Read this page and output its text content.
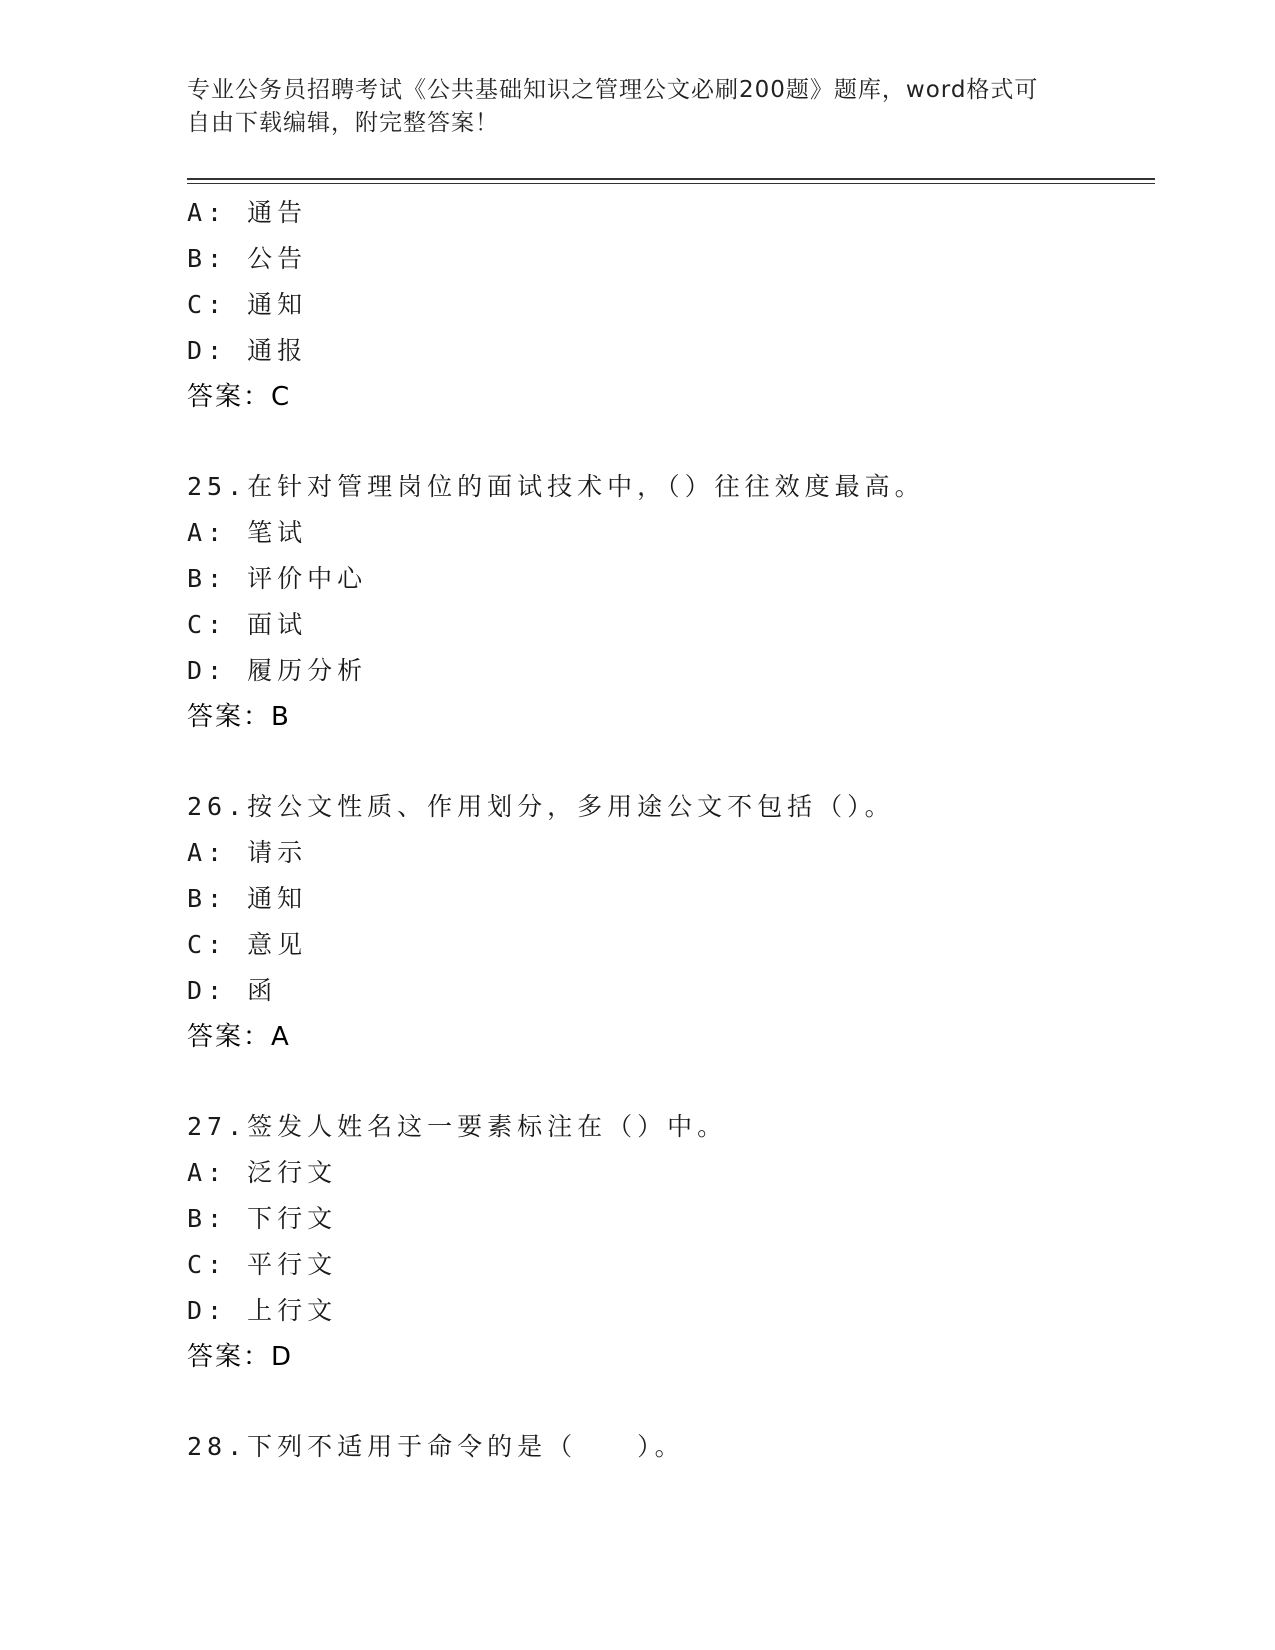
专业公务员招聘考试《公共基础知识之管理公文必刷200题》题库，word格式可
自由下载编辑，附完整答案！
A: 通告
B: 公告
C: 通知
D: 通报
答案：C
25.在针对管理岗位的面试技术中，（）往往效度最高。
A: 笔试
B: 评价中心
C: 面试
D: 履历分析
答案：B
26.按公文性质、作用划分，多用途公文不包括（）。
A: 请示
B: 通知
C: 意见
D: 函
答案：A
27.签发人姓名这一要素标注在（）中。
A: 泛行文
B: 下行文
C: 平行文
D: 上行文
答案：D
28.下列不适用于命令的是（　　）。
